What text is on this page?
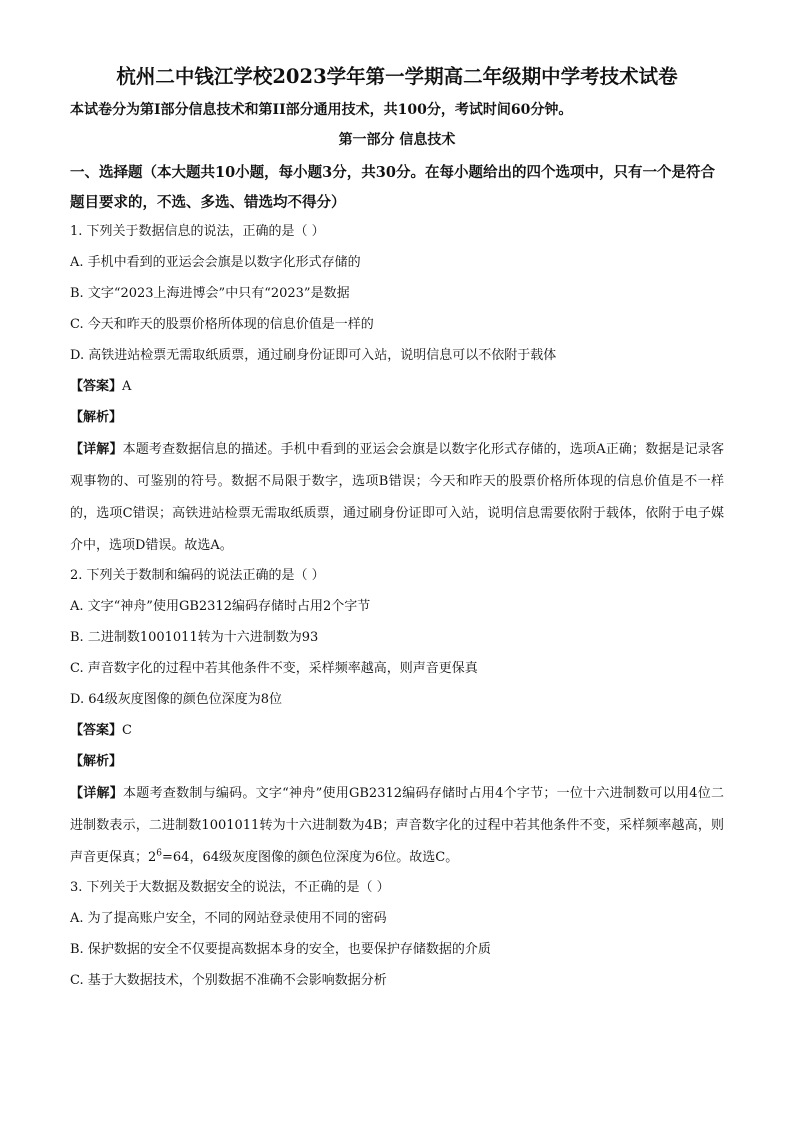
杭州二中钱江学校2023学年第一学期高二年级期中学考技术试卷
本试卷分为第I部分信息技术和第II部分通用技术，共100分，考试时间60分钟。
第一部分 信息技术
一、选择题（本大题共10小题，每小题3分，共30分。在每小题给出的四个选项中，只有一个是符合题目要求的，不选、多选、错选均不得分）
1. 下列关于数据信息的说法，正确的是（ ）
A. 手机中看到的亚运会会旗是以数字化形式存储的
B. 文字“2023上海进博会”中只有“2023”是数据
C. 今天和昨天的股票价格所体现的信息价值是一样的
D. 高铁进站检票无需取纸质票，通过刷身份证即可入站，说明信息可以不依附于载体
【答案】A
【解析】
【详解】本题考查数据信息的描述。手机中看到的亚运会会旗是以数字化形式存储的，选项A正确；数据是记录客观事物的、可鉴别的符号。数据不局限于数字，选项B错误；今天和昨天的股票价格所体现的信息价值是不一样的，选项C错误；高铁进站检票无需取纸质票，通过刷身份证即可入站，说明信息需要依附于载体，依附于电子媒介中，选项D错误。故选A。
2. 下列关于数制和编码的说法正确的是（ ）
A. 文字“神舟”使用GB2312编码存储时占用2个字节
B. 二进制数1001011转为十六进制数为93
C. 声音数字化的过程中若其他条件不变，采样频率越高，则声音更保真
D. 64级灰度图像的颜色位深度为8位
【答案】C
【解析】
【详解】本题考查数制与编码。文字“神舟”使用GB2312编码存储时占用4个字节；一位十六进制数可以用4位二进制数表示，二进制数1001011转为十六进制数为4B；声音数字化的过程中若其他条件不变，采样频率越高，则声音更保真；$2^6=64$，64级灰度图像的颜色位深度为6位。故选C。
3. 下列关于大数据及数据安全的说法，不正确的是（ ）
A. 为了提高账户安全，不同的网站登录使用不同的密码
B. 保护数据的安全不仅要提高数据本身的安全，也要保护存储数据的介质
C. 基于大数据技术，个别数据不准确不会影响数据分析
